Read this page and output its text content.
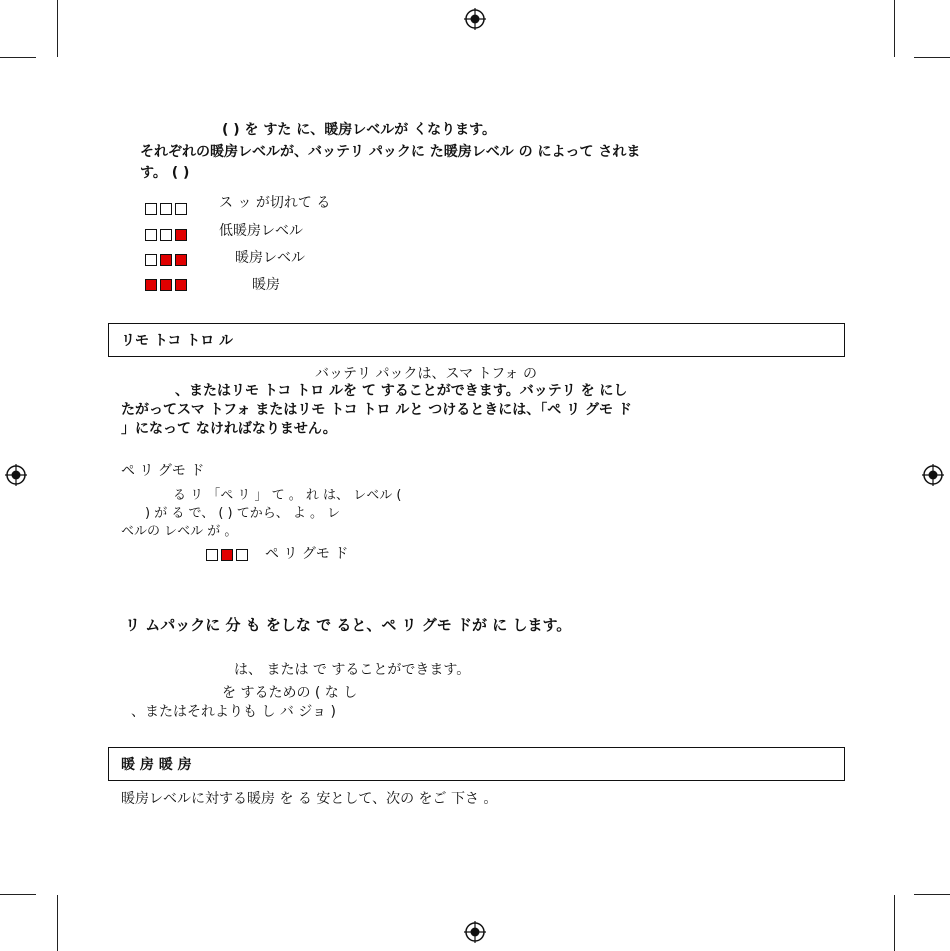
( ) を すた に、暖房レベルが くなります。
それぞれの暖房レベルが、バッテリ パックに た暖房レベル の によって されま
す。 ( )
ス ッ が切れて る
低暖房レベル
暖房レベル
暖房
リモ トコ トロ ル
バッテリ パックは、スマ トフォ の
、またはリモ トコ トロ ルを て することができます。バッテリ を にし
たがってスマ トフォ またはリモ トコ トロ ルと つけるときには、「ペ リ グモ ド
」になって なければなりません。
ペ リ グモ ド
る リ 「ペ リ 」 て 。 れ は、 レベル (
) が る で、 ( ) てから、 よ 。 レ
ベルの レベル が 。
ペ リ グモ ド
リ ムパックに 分 も をしな で ると、ペ リ グモ ドが に します。
は、 または で することができます。
を するための ( な し
、またはそれよりも し バ ジョ )
暖 房 暖 房
暖房レベルに対する暖房 を る 安として、次の をご 下さ 。
